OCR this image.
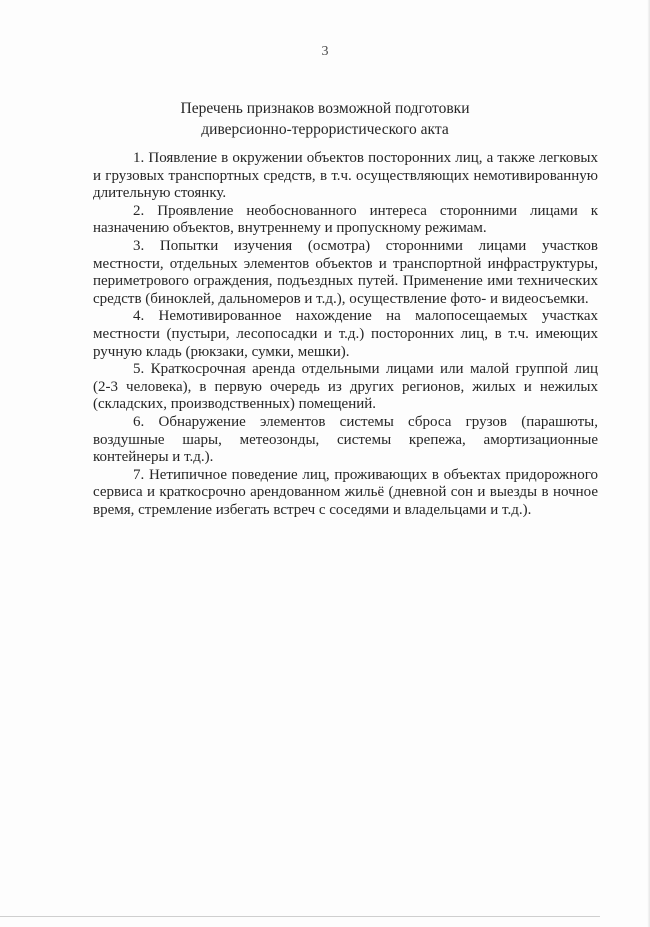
3
Перечень признаков возможной подготовки
диверсионно-террористического акта

1. Появление в окружении объектов посторонних лиц, а также легковых и грузовых транспортных средств, в т.ч. осуществляющих немотивированную длительную стоянку.

2. Проявление необоснованного интереса сторонними лицами к назначению объектов, внутреннему и пропускному режимам.

3. Попытки изучения (осмотра) сторонними лицами участков местности, отдельных элементов объектов и транспортной инфраструктуры, периметрового ограждения, подъездных путей. Применение ими технических средств (биноклей, дальномеров и т.д.), осуществление фото- и видеосъемки.

4. Немотивированное нахождение на малопосещаемых участках местности (пустыри, лесопосадки и т.д.) посторонних лиц, в т.ч. имеющих ручную кладь (рюкзаки, сумки, мешки).

5. Краткосрочная аренда отдельными лицами или малой группой лиц (2-3 человека), в первую очередь из других регионов, жилых и нежилых (складских, производственных) помещений.

6. Обнаружение элементов системы сброса грузов (парашюты, воздушные шары, метеозонды, системы крепежа, амортизационные контейнеры и т.д.).

7. Нетипичное поведение лиц, проживающих в объектах придорожного сервиса и краткосрочно арендованном жильё (дневной сон и выезды в ночное время, стремление избегать встреч с соседями и владельцами и т.д.).
